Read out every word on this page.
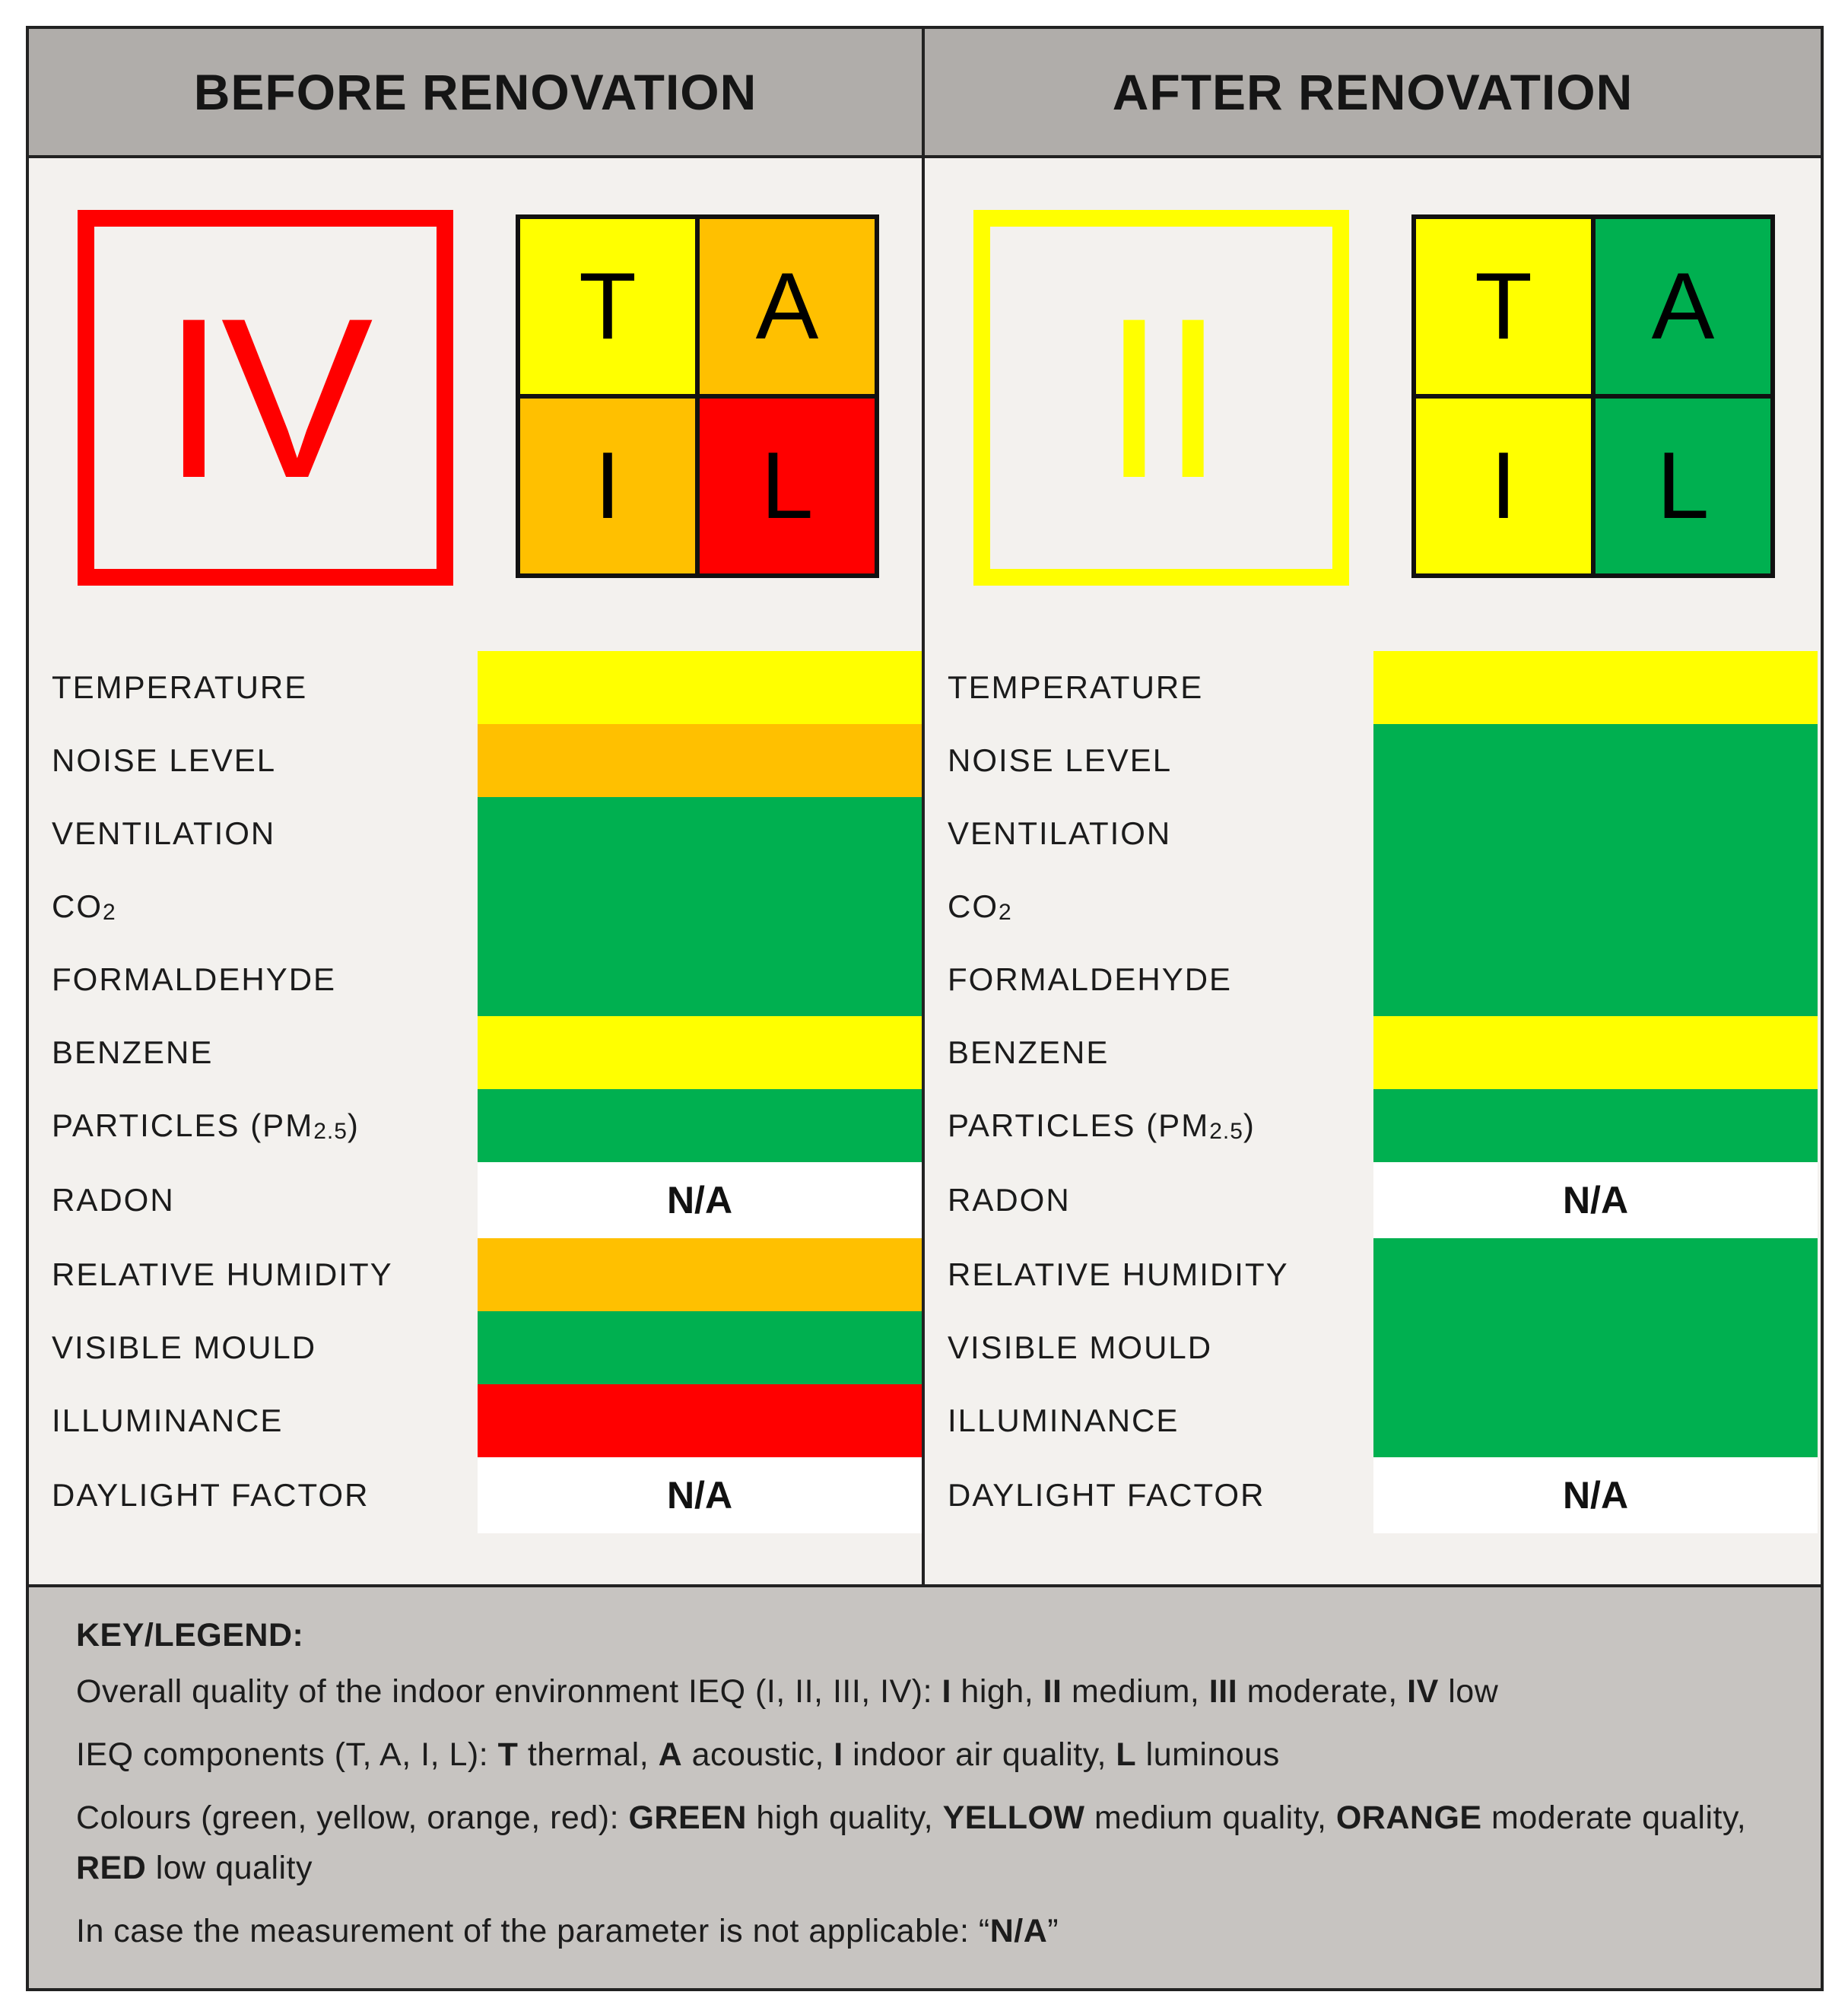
BEFORE RENOVATION	AFTER RENOVATION
IV	T	A
I	L
TEMPERATURE
NOISE LEVEL
VENTILATION
CO 2
FORMALDEHYDE
BENZENE
PARTICLES (PM 2.5 )
RADON	N/A
RELATIVE HUMIDITY
VISIBLE MOULD
ILLUMINANCE
DAYLIGHT FACTOR	N/A
II	T	A
I	L
TEMPERATURE
NOISE LEVEL
VENTILATION
CO 2
FORMALDEHYDE
BENZENE
PARTICLES (PM 2.5 )
RADON	N/A
RELATIVE HUMIDITY
VISIBLE MOULD
ILLUMINANCE
DAYLIGHT FACTOR	N/A

KEY/LEGEND:

Overall quality of the indoor environment IEQ (I, II, III, IV): I high, II medium, III moderate, IV low

IEQ components (T, A, I, L): T thermal, A acoustic, I indoor air quality, L luminous

Colours (green, yellow, orange, red): GREEN high quality, YELLOW medium quality, ORANGE moderate quality, RED low quality

In case the measurement of the parameter is not applicable: “N/A”
